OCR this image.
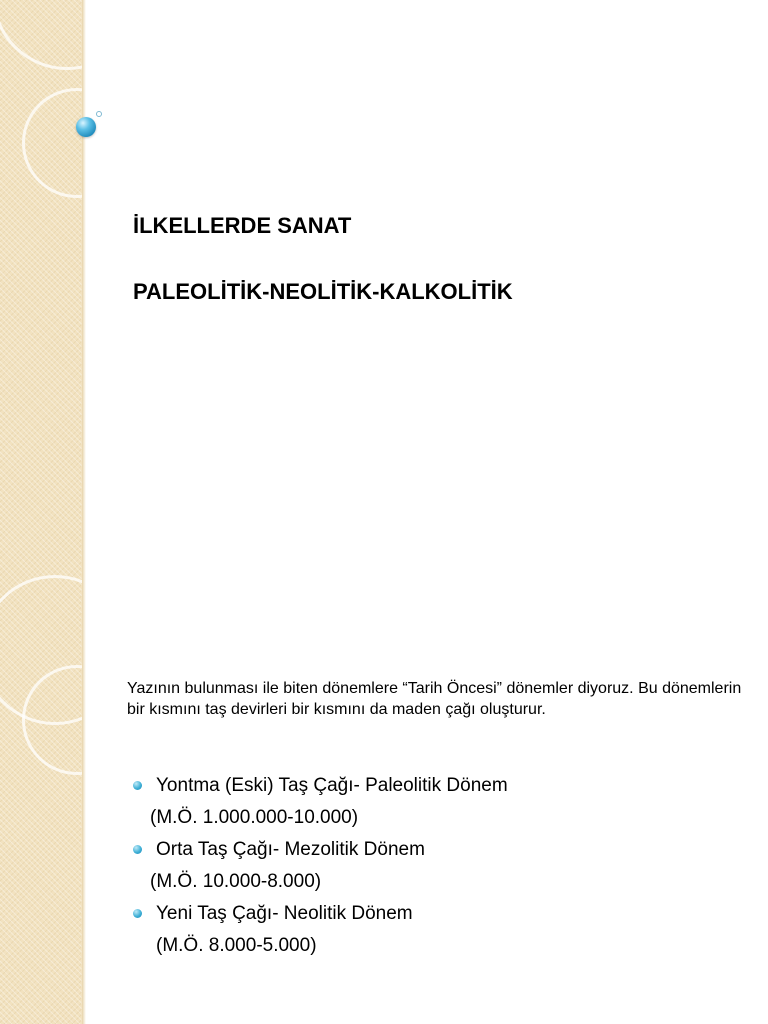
İLKELLERDE SANAT
PALEOLİTİK-NEOLİTİK-KALKOLİTİK

Yazının bulunması ile biten dönemlere “Tarih Öncesi” dönemler diyoruz. Bu dönemlerin bir kısmını taş devirleri bir kısmını da maden çağı oluşturur.

Yontma (Eski) Taş Çağı- Paleolitik Dönem
(M.Ö. 1.000.000-10.000)
Orta Taş Çağı- Mezolitik Dönem
(M.Ö. 10.000-8.000)
Yeni Taş Çağı- Neolitik Dönem
(M.Ö. 8.000-5.000)
